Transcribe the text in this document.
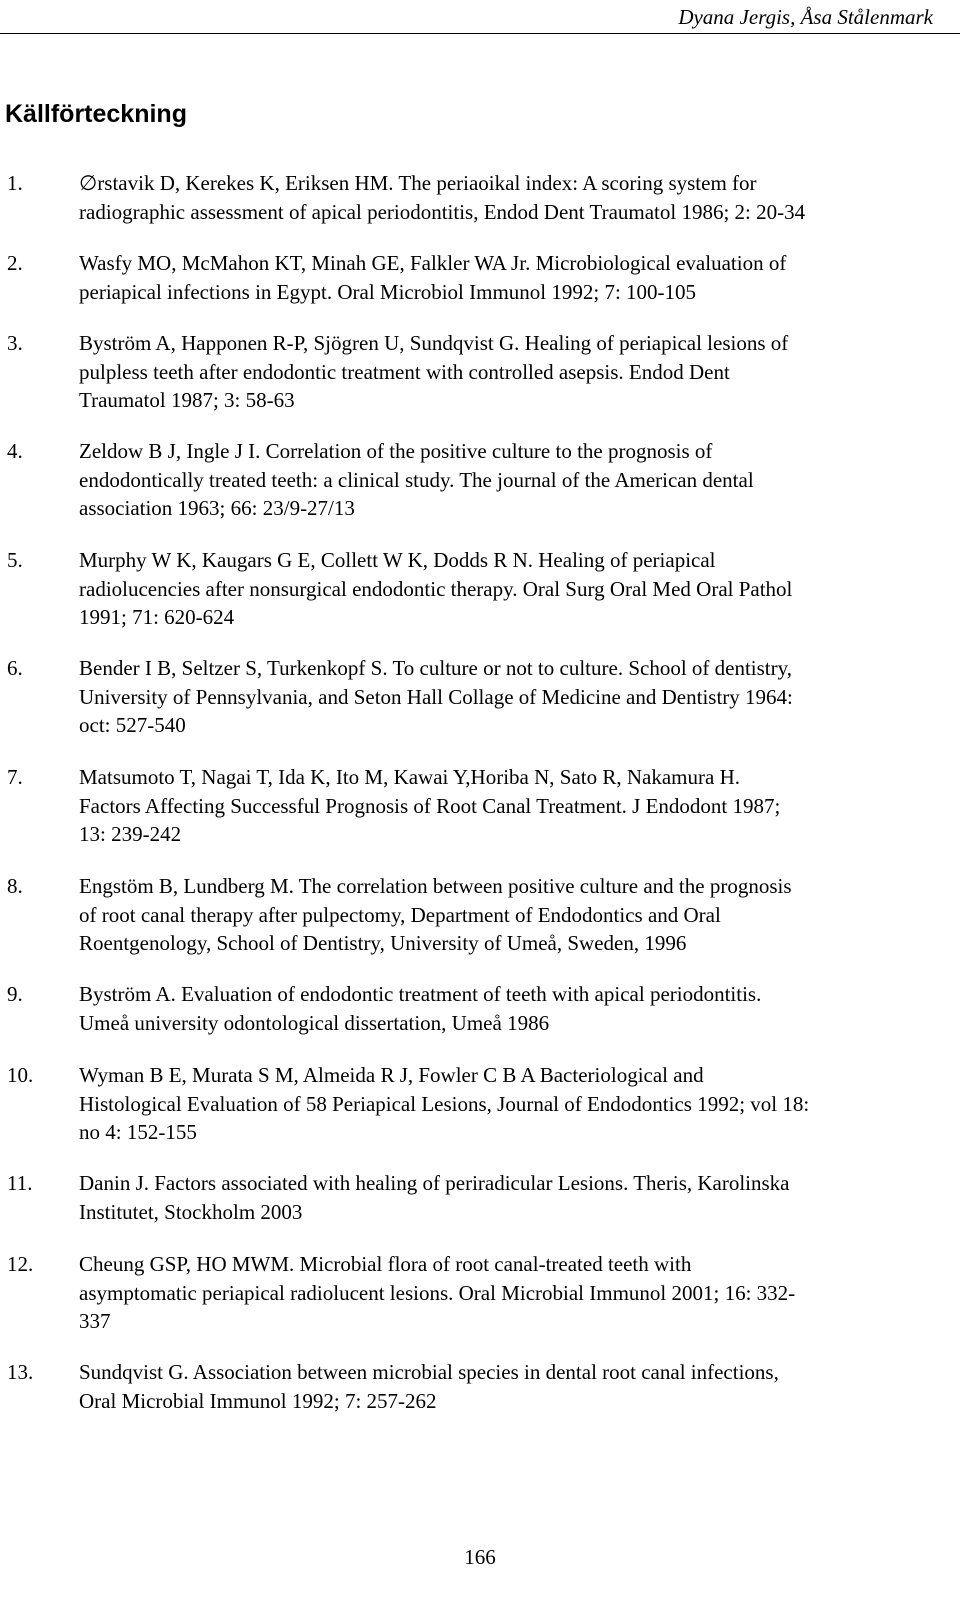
Dyana Jergis, Åsa Stålenmark
Källförteckning
1.	∅rstavik D, Kerekes K, Eriksen HM. The periaoikal index: A scoring system for
radiographic assessment of apical periodontitis, Endod Dent Traumatol 1986; 2: 20-34
2.	Wasfy MO, McMahon KT, Minah GE, Falkler WA Jr. Microbiological evaluation of
periapical infections in Egypt. Oral Microbiol Immunol 1992; 7: 100-105
3.	Byström A, Happonen R-P, Sjögren U, Sundqvist G. Healing of periapical lesions of
pulpless teeth after endodontic treatment with controlled asepsis. Endod Dent
Traumatol 1987; 3: 58-63
4.	Zeldow B J, Ingle J I. Correlation of the positive culture to the prognosis of
endodontically treated teeth: a clinical study. The journal of the American dental
association 1963; 66: 23/9-27/13
5.	Murphy W K, Kaugars G E, Collett W K, Dodds R N. Healing of periapical
radiolucencies after nonsurgical endodontic therapy. Oral Surg Oral Med Oral Pathol
1991; 71: 620-624
6.	Bender I B, Seltzer S, Turkenkopf S. To culture or not to culture. School of dentistry,
University of Pennsylvania, and Seton Hall Collage of Medicine and Dentistry 1964:
oct: 527-540
7.	Matsumoto T, Nagai T, Ida K, Ito M, Kawai Y,Horiba N, Sato R, Nakamura H.
Factors Affecting Successful Prognosis of Root Canal Treatment. J Endodont 1987;
13: 239-242
8.	Engstöm B, Lundberg M. The correlation between positive culture and the prognosis
of root canal therapy after pulpectomy, Department of Endodontics and Oral
Roentgenology, School of Dentistry, University of Umeå, Sweden, 1996
9.	Byström A. Evaluation of endodontic treatment of teeth with apical periodontitis.
Umeå university odontological dissertation, Umeå 1986
10. Wyman B E, Murata S M, Almeida R J, Fowler C B A Bacteriological and
Histological Evaluation of 58 Periapical Lesions, Journal of Endodontics 1992; vol 18:
no 4: 152-155
11. Danin J. Factors associated with healing of periradicular Lesions. Theris, Karolinska
Institutet, Stockholm 2003
12. Cheung GSP, HO MWM. Microbial flora of root canal-treated teeth with
asymptomatic periapical radiolucent lesions. Oral Microbial Immunol 2001; 16: 332-
337
13. Sundqvist G. Association between microbial species in dental root canal infections,
Oral Microbial Immunol 1992; 7: 257-262
166
